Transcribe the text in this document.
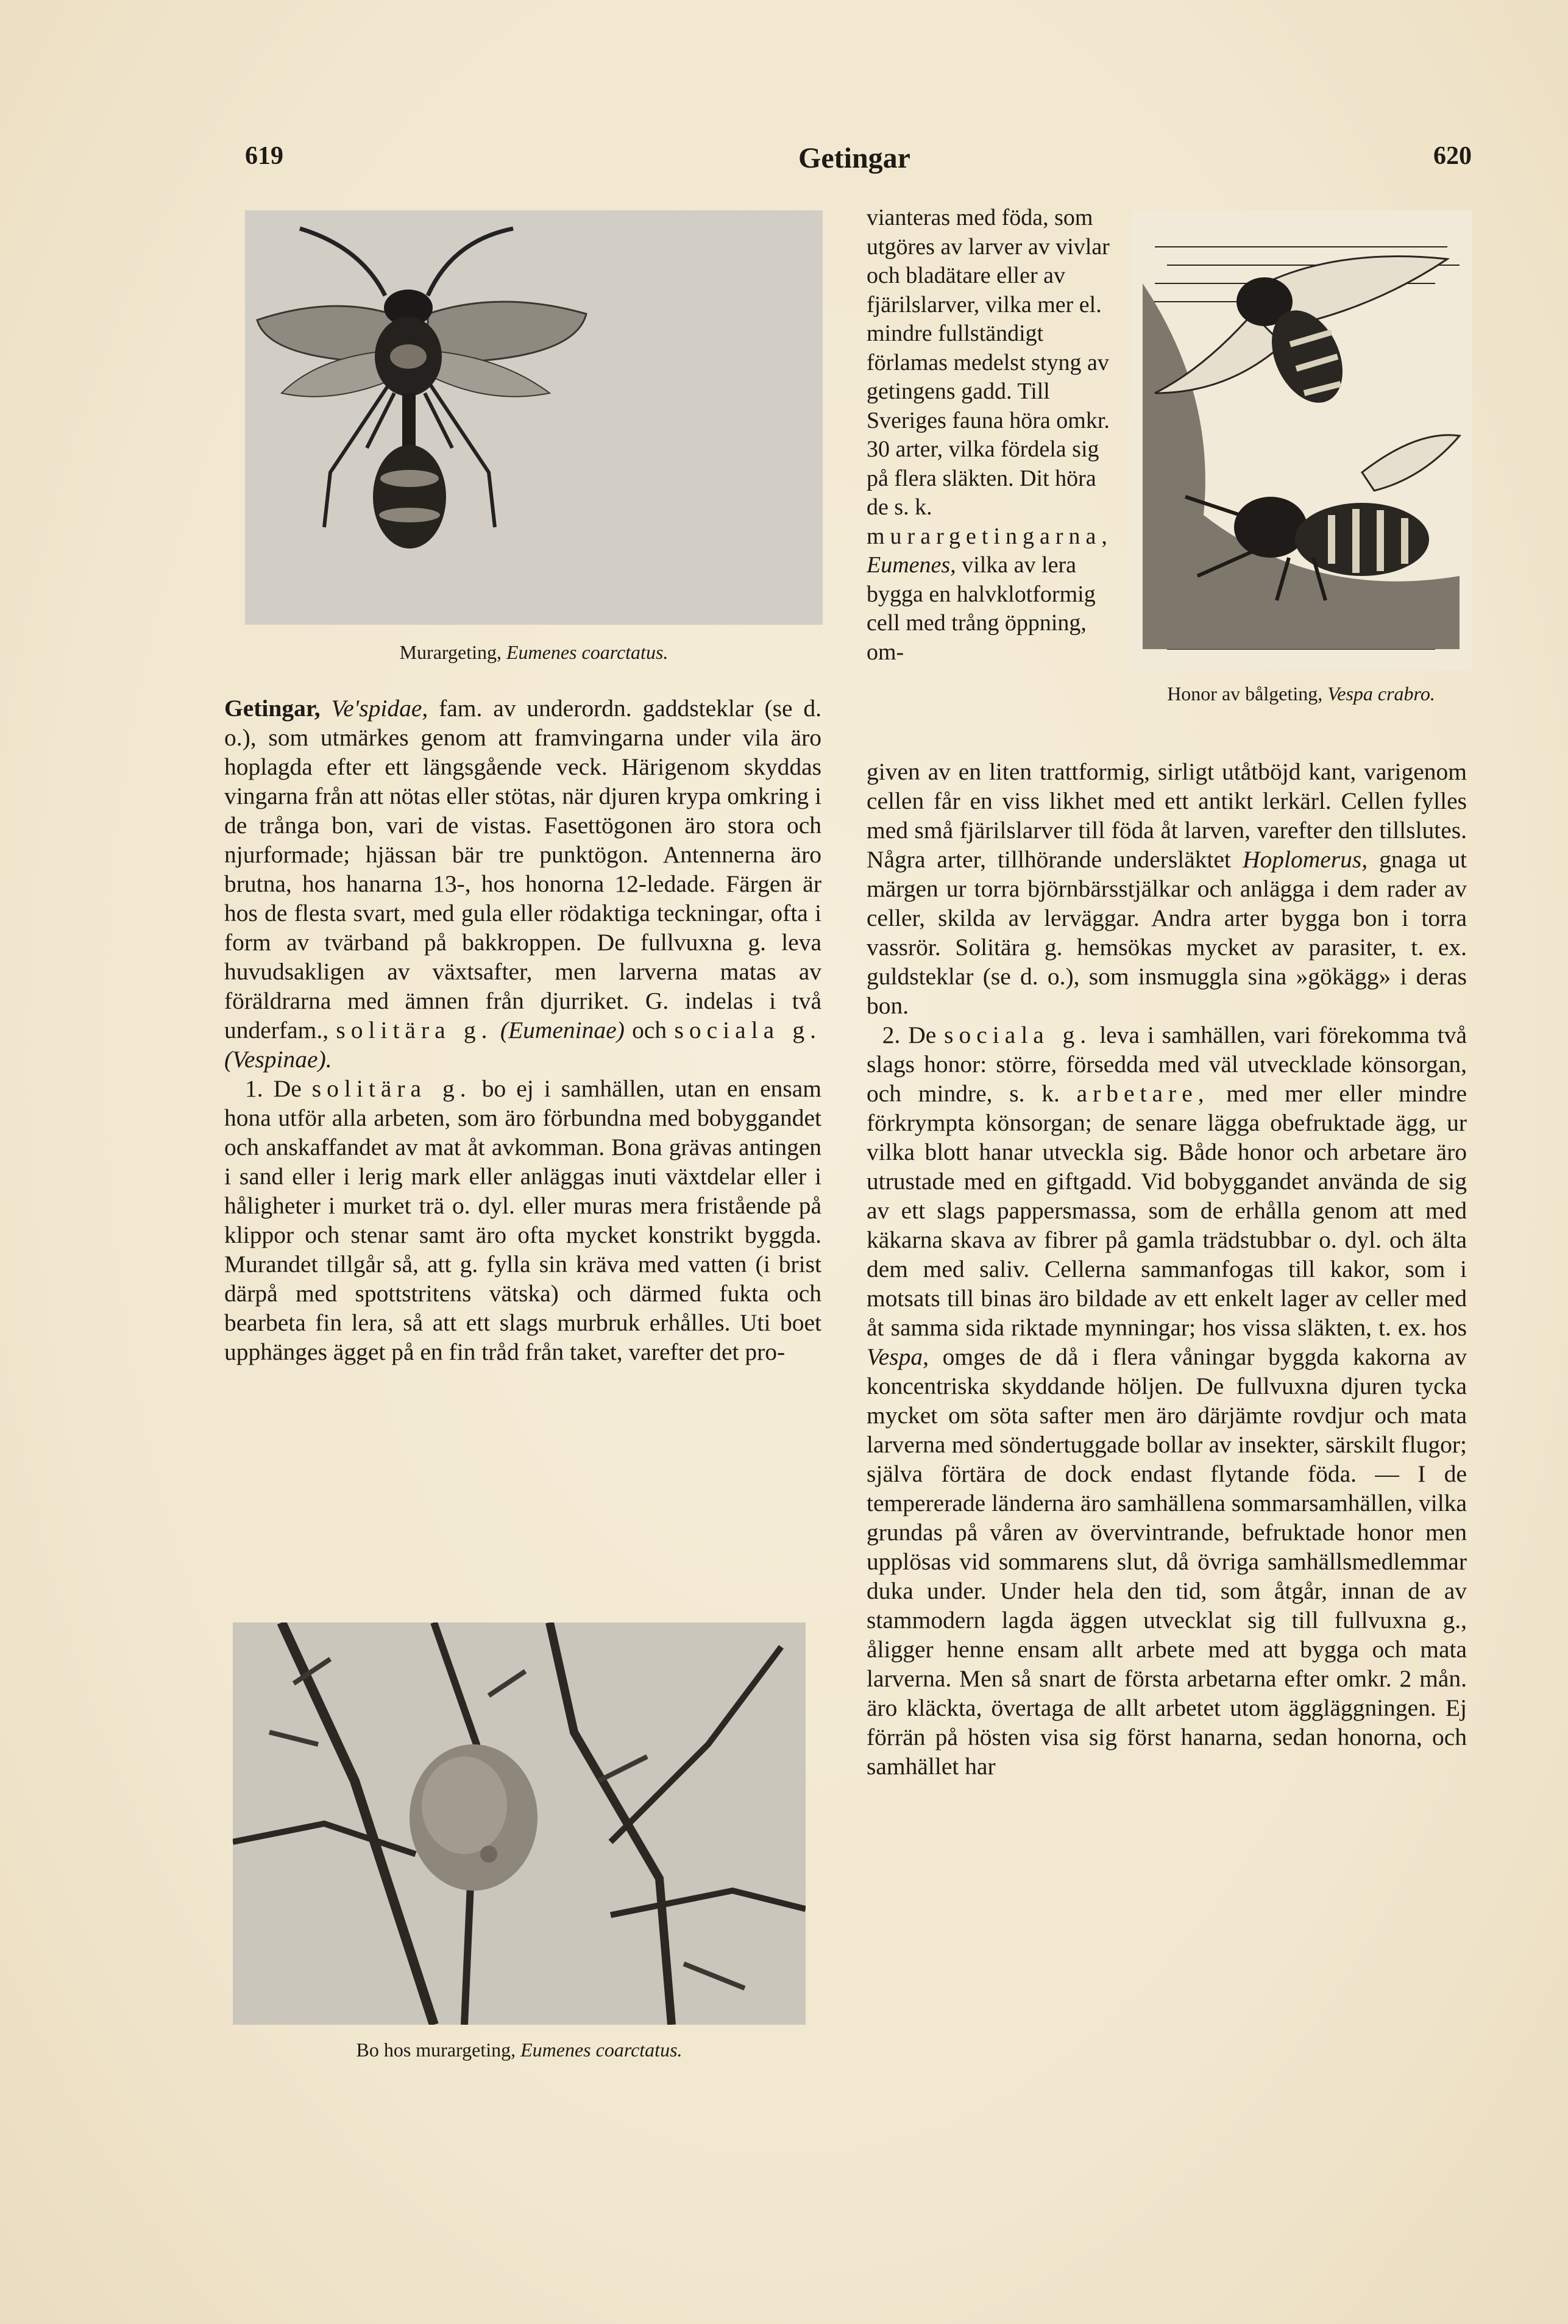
619	Getingar	620
Murargeting, Eumenes coarctatus.

Getingar, Ve'spidae, fam. av underordn. gaddsteklar (se d. o.), som utmärkes genom att framvingarna under vila äro hoplagda efter ett längsgående veck. Härigenom skyddas vingarna från att nötas eller stötas, när djuren krypa omkring i de trånga bon, vari de vistas. Fasettögonen äro stora och njurformade; hjässan bär tre punktögon. Antennerna äro brutna, hos hanarna 13-, hos honorna 12-ledade. Färgen är hos de flesta svart, med gula eller rödaktiga teckningar, ofta i form av tvärband på bakkroppen. De fullvuxna g. leva huvudsakligen av växtsafter, men larverna matas av föräldrarna med ämnen från djurriket. G. indelas i två underfam., solitära g. (Eumeninae) och sociala g. (Vespinae).

1. De solitära g. bo ej i samhällen, utan en ensam hona utför alla arbeten, som äro förbundna med bobyggandet och anskaffandet av mat åt avkomman. Bona grävas antingen i sand eller i lerig mark eller anläggas inuti växtdelar eller i håligheter i murket trä o. dyl. eller muras mera fristående på klippor och stenar samt äro ofta mycket konstrikt byggda. Murandet tillgår så, att g. fylla sin kräva med vatten (i brist därpå med spottstritens vätska) och därmed fukta och bearbeta fin lera, så att ett slags murbruk erhålles. Uti boet upphänges ägget på en fin tråd från taket, varefter det pro-

Bo hos murargeting, Eumenes coarctatus.
vianteras med föda, som utgöres av larver av vivlar och bladätare eller av fjärilslarver, vilka mer el. mindre fullständigt förlamas medelst styng av getingens gadd. Till Sveriges fauna höra omkr. 30 arter, vilka fördela sig på flera släkten. Dit höra de s. k. murargetingarna, Eumenes, vilka av lera bygga en halvklotformig cell med trång öppning, om-
Honor av bålgeting, Vespa crabro.

given av en liten trattformig, sirligt utåtböjd kant, varigenom cellen får en viss likhet med ett antikt lerkärl. Cellen fylles med små fjärilslarver till föda åt larven, varefter den tillslutes. Några arter, tillhörande undersläktet Hoplomerus, gnaga ut märgen ur torra björnbärsstjälkar och anlägga i dem rader av celler, skilda av lerväggar. Andra arter bygga bon i torra vassrör. Solitära g. hemsökas mycket av parasiter, t. ex. guldsteklar (se d. o.), som insmuggla sina »gökägg» i deras bon.

2. De sociala g. leva i samhällen, vari förekomma två slags honor: större, försedda med väl utvecklade könsorgan, och mindre, s. k. arbetare, med mer eller mindre förkrympta könsorgan; de senare lägga obefruktade ägg, ur vilka blott hanar utveckla sig. Både honor och arbetare äro utrustade med en giftgadd. Vid bobyggandet använda de sig av ett slags pappersmassa, som de erhålla genom att med käkarna skava av fibrer på gamla trädstubbar o. dyl. och älta dem med saliv. Cellerna sammanfogas till kakor, som i motsats till binas äro bildade av ett enkelt lager av celler med åt samma sida riktade mynningar; hos vissa släkten, t. ex. hos Vespa, omges de då i flera våningar byggda kakorna av koncentriska skyddande höljen. De fullvuxna djuren tycka mycket om söta safter men äro därjämte rovdjur och mata larverna med söndertuggade bollar av insekter, särskilt flugor; själva förtära de dock endast flytande föda. — I de tempererade länderna äro samhällena sommarsamhällen, vilka grundas på våren av övervintrande, befruktade honor men upplösas vid sommarens slut, då övriga samhällsmedlemmar duka under. Under hela den tid, som åtgår, innan de av stammodern lagda äggen utvecklat sig till fullvuxna g., åligger henne ensam allt arbete med att bygga och mata larverna. Men så snart de första arbetarna efter omkr. 2 mån. äro kläckta, övertaga de allt arbetet utom äggläggningen. Ej förrän på hösten visa sig först hanarna, sedan honorna, och samhället har
